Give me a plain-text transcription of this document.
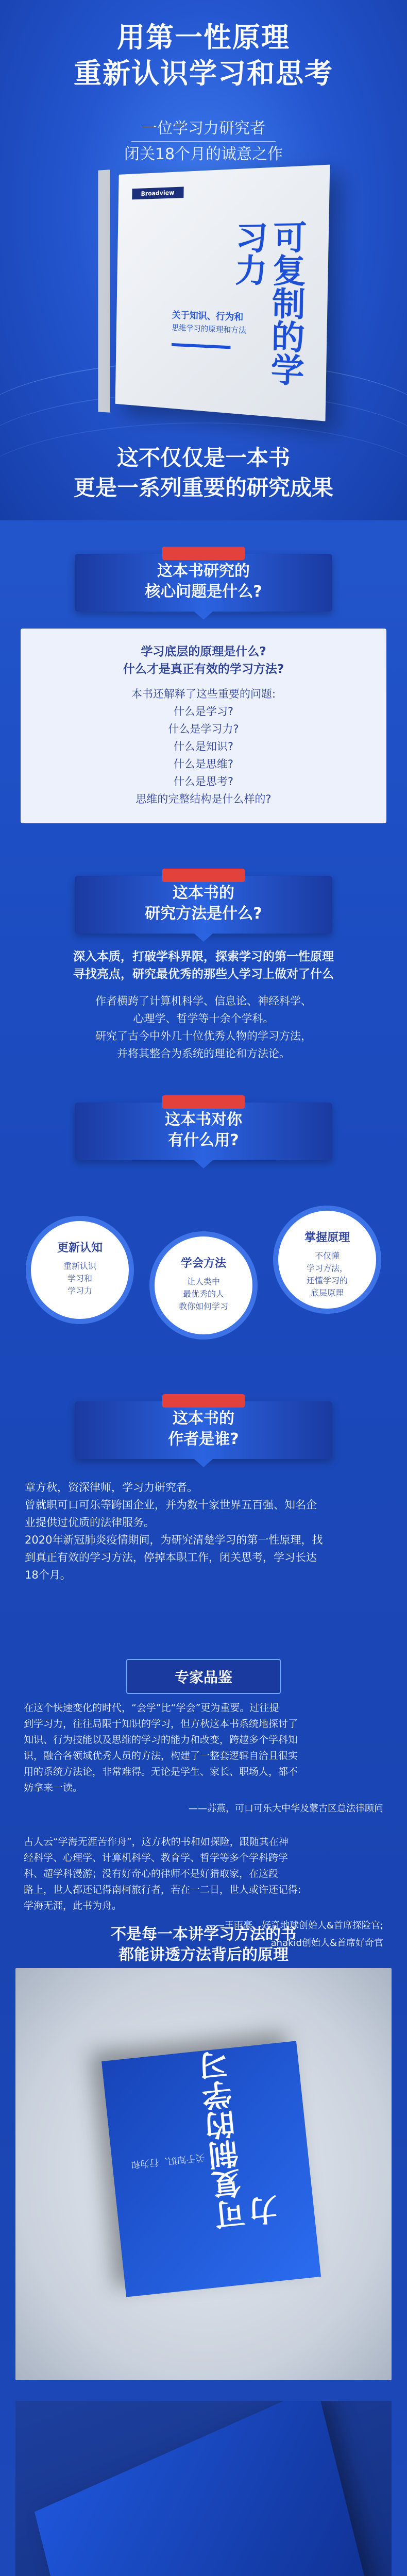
用第一性原理
重新认识学习和思考
一位学习力研究者
闭关18个月的诚意之作
Broadview
可复制的学习力
关于知识、行为和
思维学习的原理和方法
这不仅仅是一本书
更是一系列重要的研究成果
这本书研究的
核心问题是什么?
学习底层的原理是什么?
什么才是真正有效的学习方法?
本书还解释了这些重要的问题:
什么是学习?
什么是学习力?
什么是知识?
什么是思维?
什么是思考?
思维的完整结构是什么样的?
这本书的
研究方法是什么?
深入本质，打破学科界限，探索学习的第一性原理
寻找亮点，研究最优秀的那些人学习上做对了什么
作者横跨了计算机科学、信息论、神经科学、
心理学、哲学等十余个学科。
研究了古今中外几十位优秀人物的学习方法，
并将其整合为系统的理论和方法论。
这本书对你
有什么用?
更新认知
重新认识
学习和
学习力
学会方法
让人类中
最优秀的人
教你如何学习
掌握原理
不仅懂
学习方法，
还懂学习的
底层原理
这本书的
作者是谁?
章方秋，资深律师，学习力研究者。
曾就职可口可乐等跨国企业，并为数十家世界五百强、知名企
业提供过优质的法律服务。
2020年新冠肺炎疫情期间，为研究清楚学习的第一性原理，找
到真正有效的学习方法，停掉本职工作，闭关思考，学习长达
18个月。
专家品鉴
在这个快速变化的时代，“会学”比“学会”更为重要。过往提
到学习力，往往局限于知识的学习，但方秋这本书系统地探讨了
知识、行为技能以及思维的学习的能力和改变，跨越多个学科知
识，融合各领域优秀人员的方法，构建了一整套逻辑自洽且很实
用的系统方法论，非常难得。无论是学生、家长、职场人，都不
妨拿来一读。
——苏燕，可口可乐大中华及蒙古区总法律顾问
古人云“学海无涯苦作舟”，这方秋的书和如探险，跟随其在神
经科学、心理学、计算机科学、教育学、哲学等多个学科跨学
科、超学科漫游；没有好奇心的律师不是好猎取家，在这段
路上，世人都还记得南柯旅行者，若在一二日，世人或许还记得:
学海无涯，此书为舟。
——王雨豪，好奇地球创始人&首席探险官;
ahakid创始人&首席好奇官
不是每一本讲学习方法的书
都能讲透方法背后的原理
可复制的学习力
关于知识、行为和
